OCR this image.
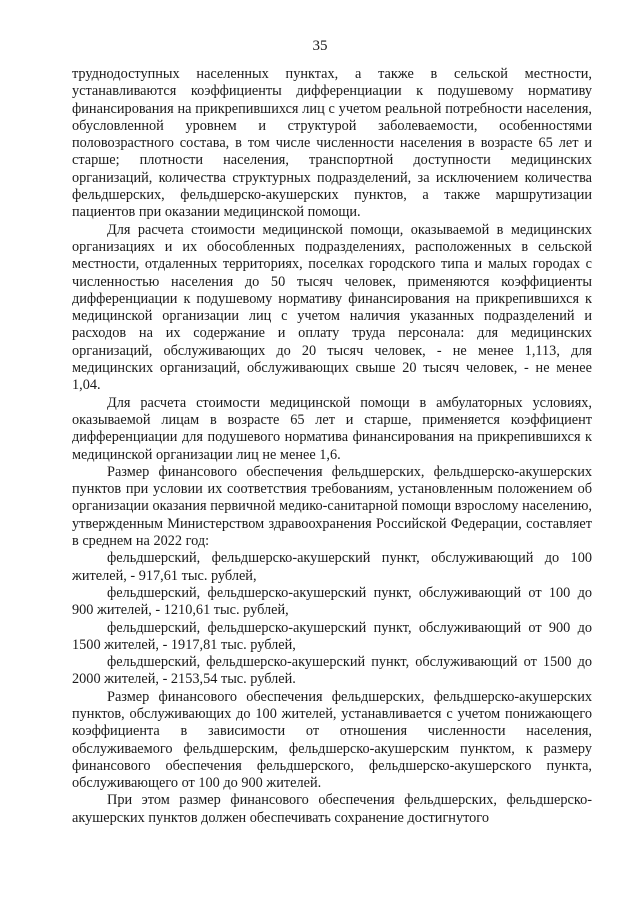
35

труднодоступных населенных пунктах, а также в сельской местности, устанавливаются коэффициенты дифференциации к подушевому нормативу финансирования на прикрепившихся лиц с учетом реальной потребности населения, обусловленной уровнем и структурой заболеваемости, особенностями половозрастного состава, в том числе численности населения в возрасте 65 лет и старше; плотности населения, транспортной доступности медицинских организаций, количества структурных подразделений, за исключением количества фельдшерских, фельдшерско-акушерских пунктов, а также маршрутизации пациентов при оказании медицинской помощи.

Для расчета стоимости медицинской помощи, оказываемой в медицинских организациях и их обособленных подразделениях, расположенных в сельской местности, отдаленных территориях, поселках городского типа и малых городах с численностью населения до 50 тысяч человек, применяются коэффициенты дифференциации к подушевому нормативу финансирования на прикрепившихся к медицинской организации лиц с учетом наличия указанных подразделений и расходов на их содержание и оплату труда персонала: для медицинских организаций, обслуживающих до 20 тысяч человек, - не менее 1,113, для медицинских организаций, обслуживающих свыше 20 тысяч человек, - не менее 1,04.

Для расчета стоимости медицинской помощи в амбулаторных условиях, оказываемой лицам в возрасте 65 лет и старше, применяется коэффициент дифференциации для подушевого норматива финансирования на прикрепившихся к медицинской организации лиц не менее 1,6.

Размер финансового обеспечения фельдшерских, фельдшерско-акушерских пунктов при условии их соответствия требованиям, установленным положением об организации оказания первичной медико-санитарной помощи взрослому населению, утвержденным Министерством здравоохранения Российской Федерации, составляет в среднем на 2022 год:

фельдшерский, фельдшерско-акушерский пункт, обслуживающий до 100 жителей, - 917,61 тыс. рублей,

фельдшерский, фельдшерско-акушерский пункт, обслуживающий от 100 до 900 жителей, - 1210,61 тыс. рублей,

фельдшерский, фельдшерско-акушерский пункт, обслуживающий от 900 до 1500 жителей, - 1917,81 тыс. рублей,

фельдшерский, фельдшерско-акушерский пункт, обслуживающий от 1500 до 2000 жителей, - 2153,54 тыс. рублей.

Размер финансового обеспечения фельдшерских, фельдшерско-акушерских пунктов, обслуживающих до 100 жителей, устанавливается с учетом понижающего коэффициента в зависимости от отношения численности населения, обслуживаемого фельдшерским, фельдшерско-акушерским пунктом, к размеру финансового обеспечения фельдшерского, фельдшерско-акушерского пункта, обслуживающего от 100 до 900 жителей.

При этом размер финансового обеспечения фельдшерских, фельдшерско-акушерских пунктов должен обеспечивать сохранение достигнутого
